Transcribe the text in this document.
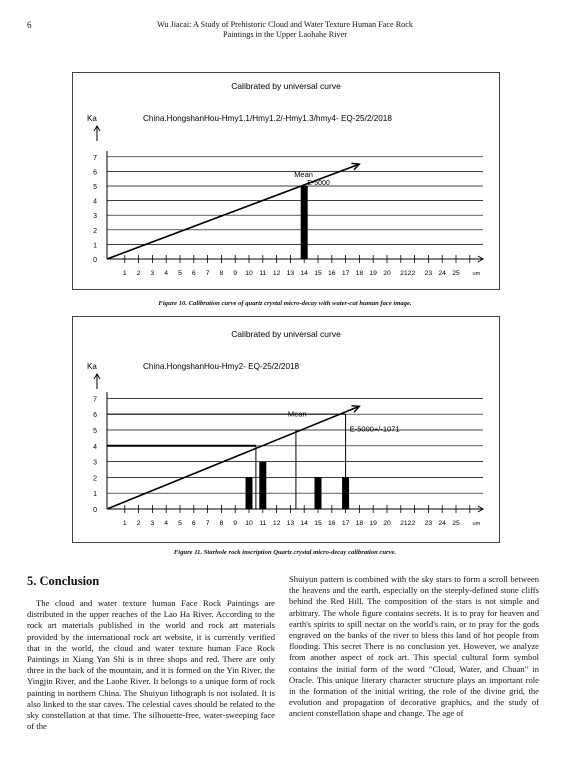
6	Wu Jiacai: A Study of Prehistoric Cloud and Water Texture Human Face Rock
Paintings in the Upper Laohahe River
Calibrated by universal curve
China.HongshanHou-Hmy1.1/Hmy1.2/-Hmy1.3/hmy4- EQ-25/2/2018
Ka
0
1
2
3
4
5
6
7
1 2 3 4 5 6 7 8 9 10 11 12 13 14 15 16 17 18 19 20 2122 23 24 25 um
Mean
E-5000
Figure 10. Calibration curve of quartz crystal micro-decay with water-cut human face image.
Calibrated by universal curve
China.HongshanHou-Hmy2- EQ-25/2/2018
Ka
0
1
2
3
4
5
6
7
1 2 3 4 5 6 7 8 9 10 11 12 13 14 15 16 17 18 19 20 2122 23 24 25 um
Mean
E-5000+/-1071
Figure 11. Starhole rock inscription Quartz crystal micro-decay calibration curve.
5. Conclusion

The cloud and water texture human Face Rock Paintings are distributed in the upper reaches of the Lao Ha River. According to the rock art materials published in the world and rock art materials provided by the international rock art website, it is currently verified that in the world, the cloud and water texture human Face Rock Paintings in Xiang Yan Shi is in three shops and red. There are only three in the back of the mountain, and it is formed on the Yin River, the Yingjin River, and the Laohe River. It belongs to a unique form of rock painting in northern China. The Shuiyun lithograph is not isolated. It is also linked to the star caves. The celestial caves should be related to the sky constellation at that time. The silhouette-free, water-sweeping face of the

Shuiyun pattern is combined with the sky stars to form a scroll between the heavens and the earth, especially on the steeply-defined stone cliffs behind the Red Hill. The composition of the stars is not simple and arbitrary. The whole figure contains secrets. It is to pray for heaven and earth's spirits to spill nectar on the world's rain, or to pray for the gods engraved on the banks of the river to bless this land of hot people from flooding. This secret There is no conclusion yet. However, we analyze from another aspect of rock art. This special cultural form symbol contains the initial form of the word "Cloud, Water, and Chuan" in Oracle. This unique literary character structure plays an important role in the formation of the initial writing, the role of the divine grid, the evolution and propagation of decorative graphics, and the study of ancient constellation shape and change. The age of
